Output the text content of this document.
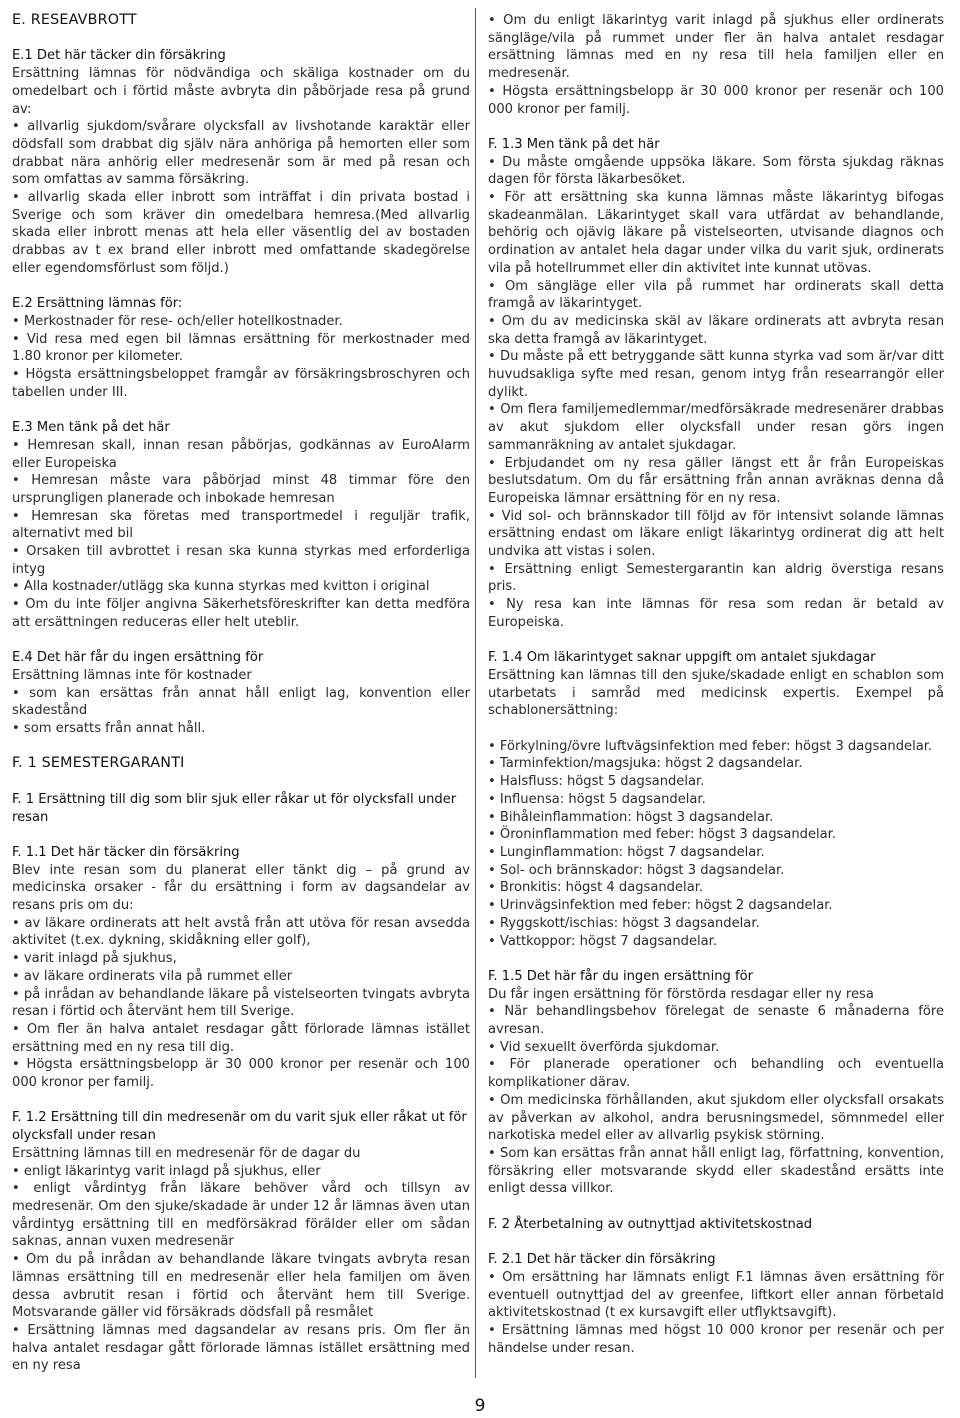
E. RESEAVBROTT
E.1 Det här täcker din försäkring
Ersättning lämnas för nödvändiga och skäliga kostnader om du omedelbart och i förtid måste avbryta din påbörjade resa på grund av:
• allvarlig sjukdom/svårare olycksfall av livshotande karaktär eller dödsfall som drabbat dig själv nära anhöriga på hemorten eller som drabbat nära anhörig eller medresenär som är med på resan och som omfattas av samma försäkring.
• allvarlig skada eller inbrott som inträffat i din privata bostad i Sverige och som kräver din omedelbara hemresa.(Med allvarlig skada eller inbrott menas att hela eller väsentlig del av bostaden drabbas av t ex brand eller inbrott med omfattande skadegörelse eller egendomsförlust som följd.)
E.2 Ersättning lämnas för:
• Merkostnader för rese- och/eller hotellkostnader.
• Vid resa med egen bil lämnas ersättning för merkostnader med 1.80 kronor per kilometer.
• Högsta ersättningsbeloppet framgår av försäkringsbroschyren och tabellen under III.
E.3 Men tänk på det här
• Hemresan skall, innan resan påbörjas, godkännas av EuroAlarm eller Europeiska
• Hemresan måste vara påbörjad minst 48 timmar före den ursprungligen planerade och inbokade hemresan
• Hemresan ska företas med transportmedel i reguljär trafik, alternativt med bil
• Orsaken till avbrottet i resan ska kunna styrkas med erforderliga intyg
• Alla kostnader/utlägg ska kunna styrkas med kvitton i original
• Om du inte följer angivna Säkerhetsföreskrifter kan detta medföra att ersättningen reduceras eller helt uteblir.
E.4 Det här får du ingen ersättning för
Ersättning lämnas inte för kostnader
• som kan ersättas från annat håll enligt lag, konvention eller skadestånd
• som ersatts från annat håll.
F. 1 SEMESTERGARANTI
F. 1 Ersättning till dig som blir sjuk eller råkar ut för olycksfall under resan
F. 1.1 Det här täcker din försäkring
Blev inte resan som du planerat eller tänkt dig – på grund av medicinska orsaker - får du ersättning i form av dagsandelar av resans pris om du:
• av läkare ordinerats att helt avstå från att utöva för resan avsedda aktivitet (t.ex. dykning, skidåkning eller golf),
• varit inlagd på sjukhus,
• av läkare ordinerats vila på rummet eller
• på inrådan av behandlande läkare på vistelseorten tvingats avbryta resan i förtid och återvänt hem till Sverige.
• Om fler än halva antalet resdagar gått förlorade lämnas istället ersättning med en ny resa till dig.
• Högsta ersättningsbelopp är 30 000 kronor per resenär och 100 000 kronor per familj.
F. 1.2 Ersättning till din medresenär om du varit sjuk eller råkat ut för olycksfall under resan
Ersättning lämnas till en medresenär för de dagar du
• enligt läkarintyg varit inlagd på sjukhus, eller
• enligt vårdintyg från läkare behöver vård och tillsyn av medresenär. Om den sjuke/skadade är under 12 år lämnas även utan vårdintyg ersättning till en medförsäkrad förälder eller om sådan saknas, annan vuxen medresenär
• Om du på inrådan av behandlande läkare tvingats avbryta resan lämnas ersättning till en medresenär eller hela familjen om även dessa avbrutit resan i förtid och återvänt hem till Sverige. Motsvarande gäller vid försäkrads dödsfall på resmålet
• Ersättning lämnas med dagsandelar av resans pris. Om fler än halva antalet resdagar gått förlorade lämnas istället ersättning med en ny resa
• Om du enligt läkarintyg varit inlagd på sjukhus eller ordinerats sängläge/vila på rummet under fler än halva antalet resdagar ersättning lämnas med en ny resa till hela familjen eller en medresenär.
• Högsta ersättningsbelopp är 30 000 kronor per resenär och 100 000 kronor per familj.
F. 1.3 Men tänk på det här
• Du måste omgående uppsöka läkare. Som första sjukdag räknas dagen för första läkarbesöket.
• För att ersättning ska kunna lämnas måste läkarintyg bifogas skadeanmälan. Läkarintyget skall vara utfärdat av behandlande, behörig och ojävig läkare på vistelseorten, utvisande diagnos och ordination av antalet hela dagar under vilka du varit sjuk, ordinerats vila på hotellrummet eller din aktivitet inte kunnat utövas.
• Om sängläge eller vila på rummet har ordinerats skall detta framgå av läkarintyget.
• Om du av medicinska skäl av läkare ordinerats att avbryta resan ska detta framgå av läkarintyget.
• Du måste på ett betryggande sätt kunna styrka vad som är/var ditt huvudsakliga syfte med resan, genom intyg från researrangör eller dylikt.
• Om flera familjemedlemmar/medförsäkrade medresenärer drabbas av akut sjukdom eller olycksfall under resan görs ingen sammanräkning av antalet sjukdagar.
• Erbjudandet om ny resa gäller längst ett år från Europeiskas beslutsdatum. Om du får ersättning från annan avräknas denna då Europeiska lämnar ersättning för en ny resa.
• Vid sol- och brännskador till följd av för intensivt solande lämnas ersättning endast om läkare enligt läkarintyg ordinerat dig att helt undvika att vistas i solen.
• Ersättning enligt Semestergarantin kan aldrig överstiga resans pris.
• Ny resa kan inte lämnas för resa som redan är betald av Europeiska.
F. 1.4 Om läkarintyget saknar uppgift om antalet sjukdagar
Ersättning kan lämnas till den sjuke/skadade enligt en schablon som utarbetats i samråd med medicinsk expertis. Exempel på schablonersättning:
• Förkylning/övre luftvägsinfektion med feber: högst 3 dagsandelar.
• Tarminfektion/magsjuka: högst 2 dagsandelar.
• Halsfluss: högst 5 dagsandelar.
• Influensa: högst 5 dagsandelar.
• Bihåleinflammation: högst 3 dagsandelar.
• Öroninflammation med feber: högst 3 dagsandelar.
• Lunginflammation: högst 7 dagsandelar.
• Sol- och brännskador: högst 3 dagsandelar.
• Bronkitis: högst 4 dagsandelar.
• Urinvägsinfektion med feber: högst 2 dagsandelar.
• Ryggskott/ischias: högst 3 dagsandelar.
• Vattkoppor: högst 7 dagsandelar.
F. 1.5 Det här får du ingen ersättning för
Du får ingen ersättning för förstörda resdagar eller ny resa
• När behandlingsbehov förelegat de senaste 6 månaderna före avresan.
• Vid sexuellt överförda sjukdomar.
• För planerade operationer och behandling och eventuella komplikationer därav.
• Om medicinska förhållanden, akut sjukdom eller olycksfall orsakats av påverkan av alkohol, andra berusningsmedel, sömnmedel eller narkotiska medel eller av allvarlig psykisk störning.
• Som kan ersättas från annat håll enligt lag, författning, konvention, försäkring eller motsvarande skydd eller skadestånd ersätts inte enligt dessa villkor.
F. 2 Återbetalning av outnyttjad aktivitetskostnad
F. 2.1 Det här täcker din försäkring
• Om ersättning har lämnats enligt F.1 lämnas även ersättning för eventuell outnyttjad del av greenfee, liftkort eller annan förbetald aktivitetskostnad (t ex kursavgift eller utflyktsavgift).
• Ersättning lämnas med högst 10 000 kronor per resenär och per händelse under resan.
9
